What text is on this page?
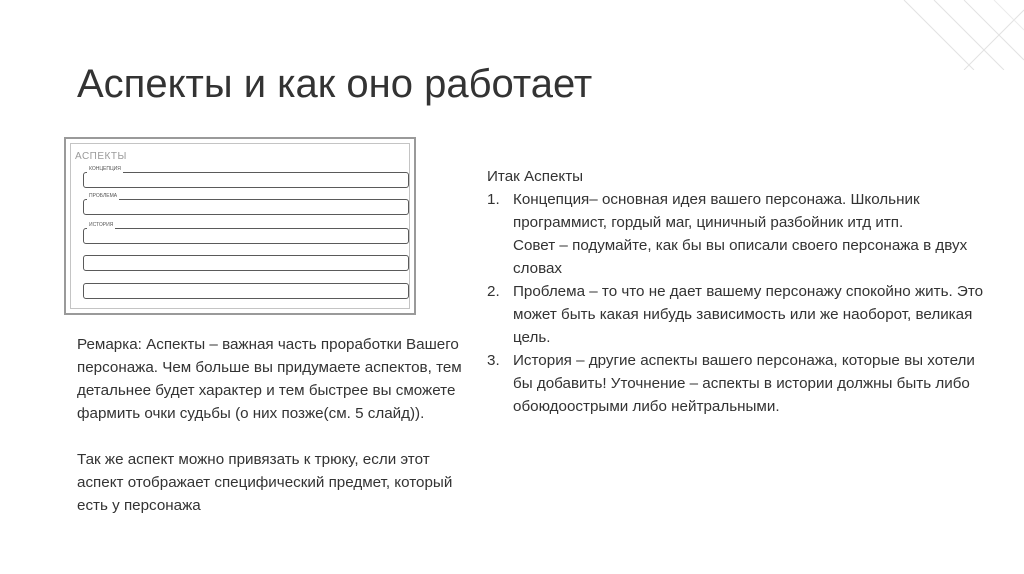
Аспекты и как оно работает
АСПЕКТЫ
КОНЦЕПЦИЯ
ПРОБЛЕМА
ИСТОРИЯ

Ремарка: Аспекты – важная часть проработки Вашего персонажа. Чем больше вы придумаете аспектов, тем детальнее будет характер и тем быстрее вы сможете фармить очки судьбы (о них позже(см. 5 слайд)).

Так же аспект можно привязать к трюку, если этот аспект отображает специфический предмет, который есть у персонажа

Итак Аспекты

1. Концепция– основная идея вашего персонажа. Школьник программист, гордый маг, циничный разбойник итд итп.

Совет – подумайте, как бы вы описали своего персонажа в двух словах

2. Проблема – то что не дает вашему персонажу спокойно жить. Это может быть какая нибудь зависимость или же наоборот, великая цель.

3. История – другие аспекты вашего персонажа, которые вы хотели бы добавить! Уточнение – аспекты в истории должны быть либо обоюдоострыми либо нейтральными.
